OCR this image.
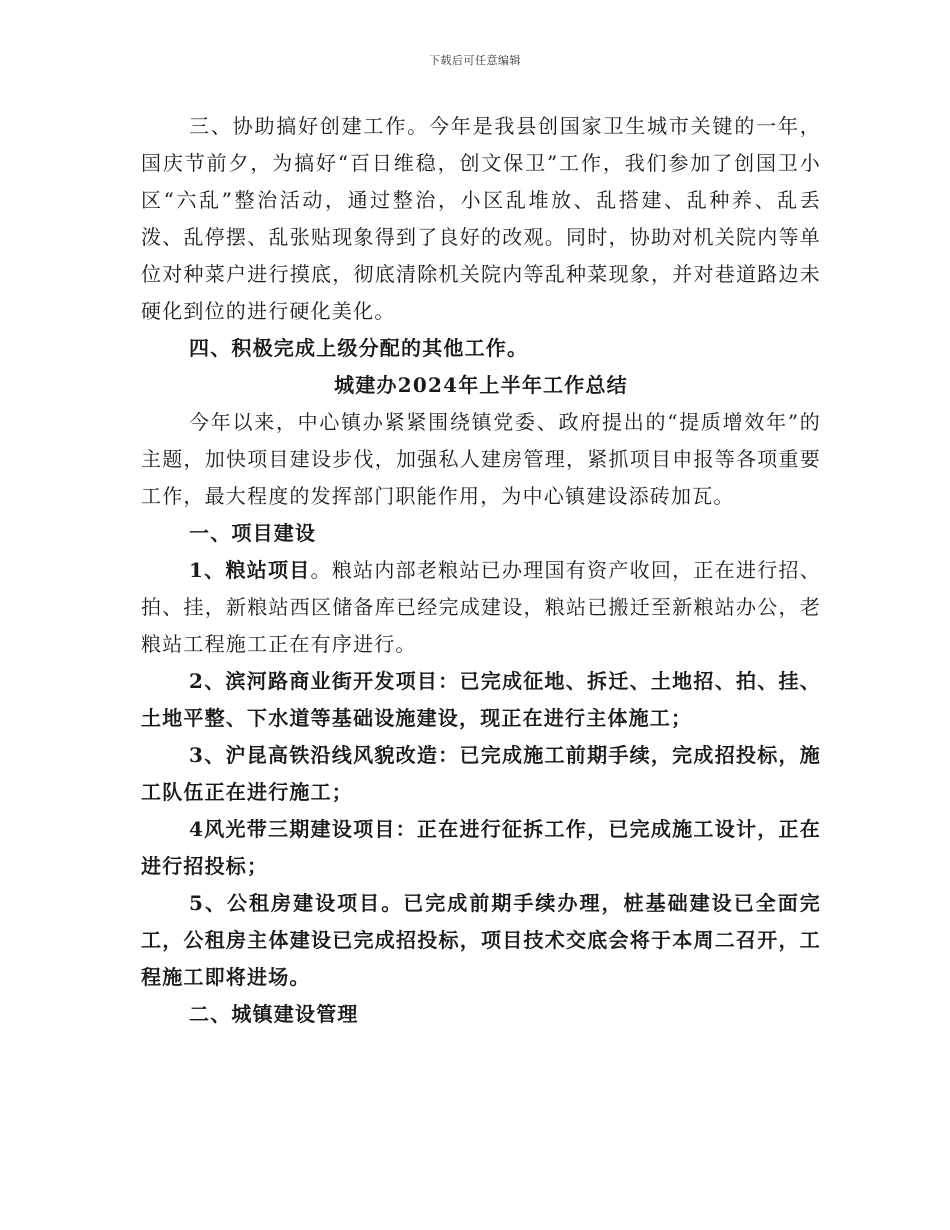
下载后可任意编辑

三、协助搞好创建工作。今年是我县创国家卫生城市关键的一年，国庆节前夕，为搞好“百日维稳，创文保卫”工作，我们参加了创国卫小区“六乱”整治活动，通过整治，小区乱堆放、乱搭建、乱种养、乱丢泼、乱停摆、乱张贴现象得到了良好的改观。同时，协助对机关院内等单位对种菜户进行摸底，彻底清除机关院内等乱种菜现象，并对巷道路边未硬化到位的进行硬化美化。

四、积极完成上级分配的其他工作。

城建办2024年上半年工作总结

今年以来，中心镇办紧紧围绕镇党委、政府提出的“提质增效年”的主题，加快项目建设步伐，加强私人建房管理，紧抓项目申报等各项重要工作，最大程度的发挥部门职能作用，为中心镇建设添砖加瓦。

一、项目建设

1、粮站项目。粮站内部老粮站已办理国有资产收回，正在进行招、拍、挂，新粮站西区储备库已经完成建设，粮站已搬迁至新粮站办公，老粮站工程施工正在有序进行。

2、滨河路商业街开发项目：已完成征地、拆迁、土地招、拍、挂、土地平整、下水道等基础设施建设，现正在进行主体施工；

3、沪昆高铁沿线风貌改造：已完成施工前期手续，完成招投标，施工队伍正在进行施工；

4风光带三期建设项目：正在进行征拆工作，已完成施工设计，正在进行招投标；

5、公租房建设项目。已完成前期手续办理，桩基础建设已全面完工，公租房主体建设已完成招投标，项目技术交底会将于本周二召开，工程施工即将进场。

二、城镇建设管理
